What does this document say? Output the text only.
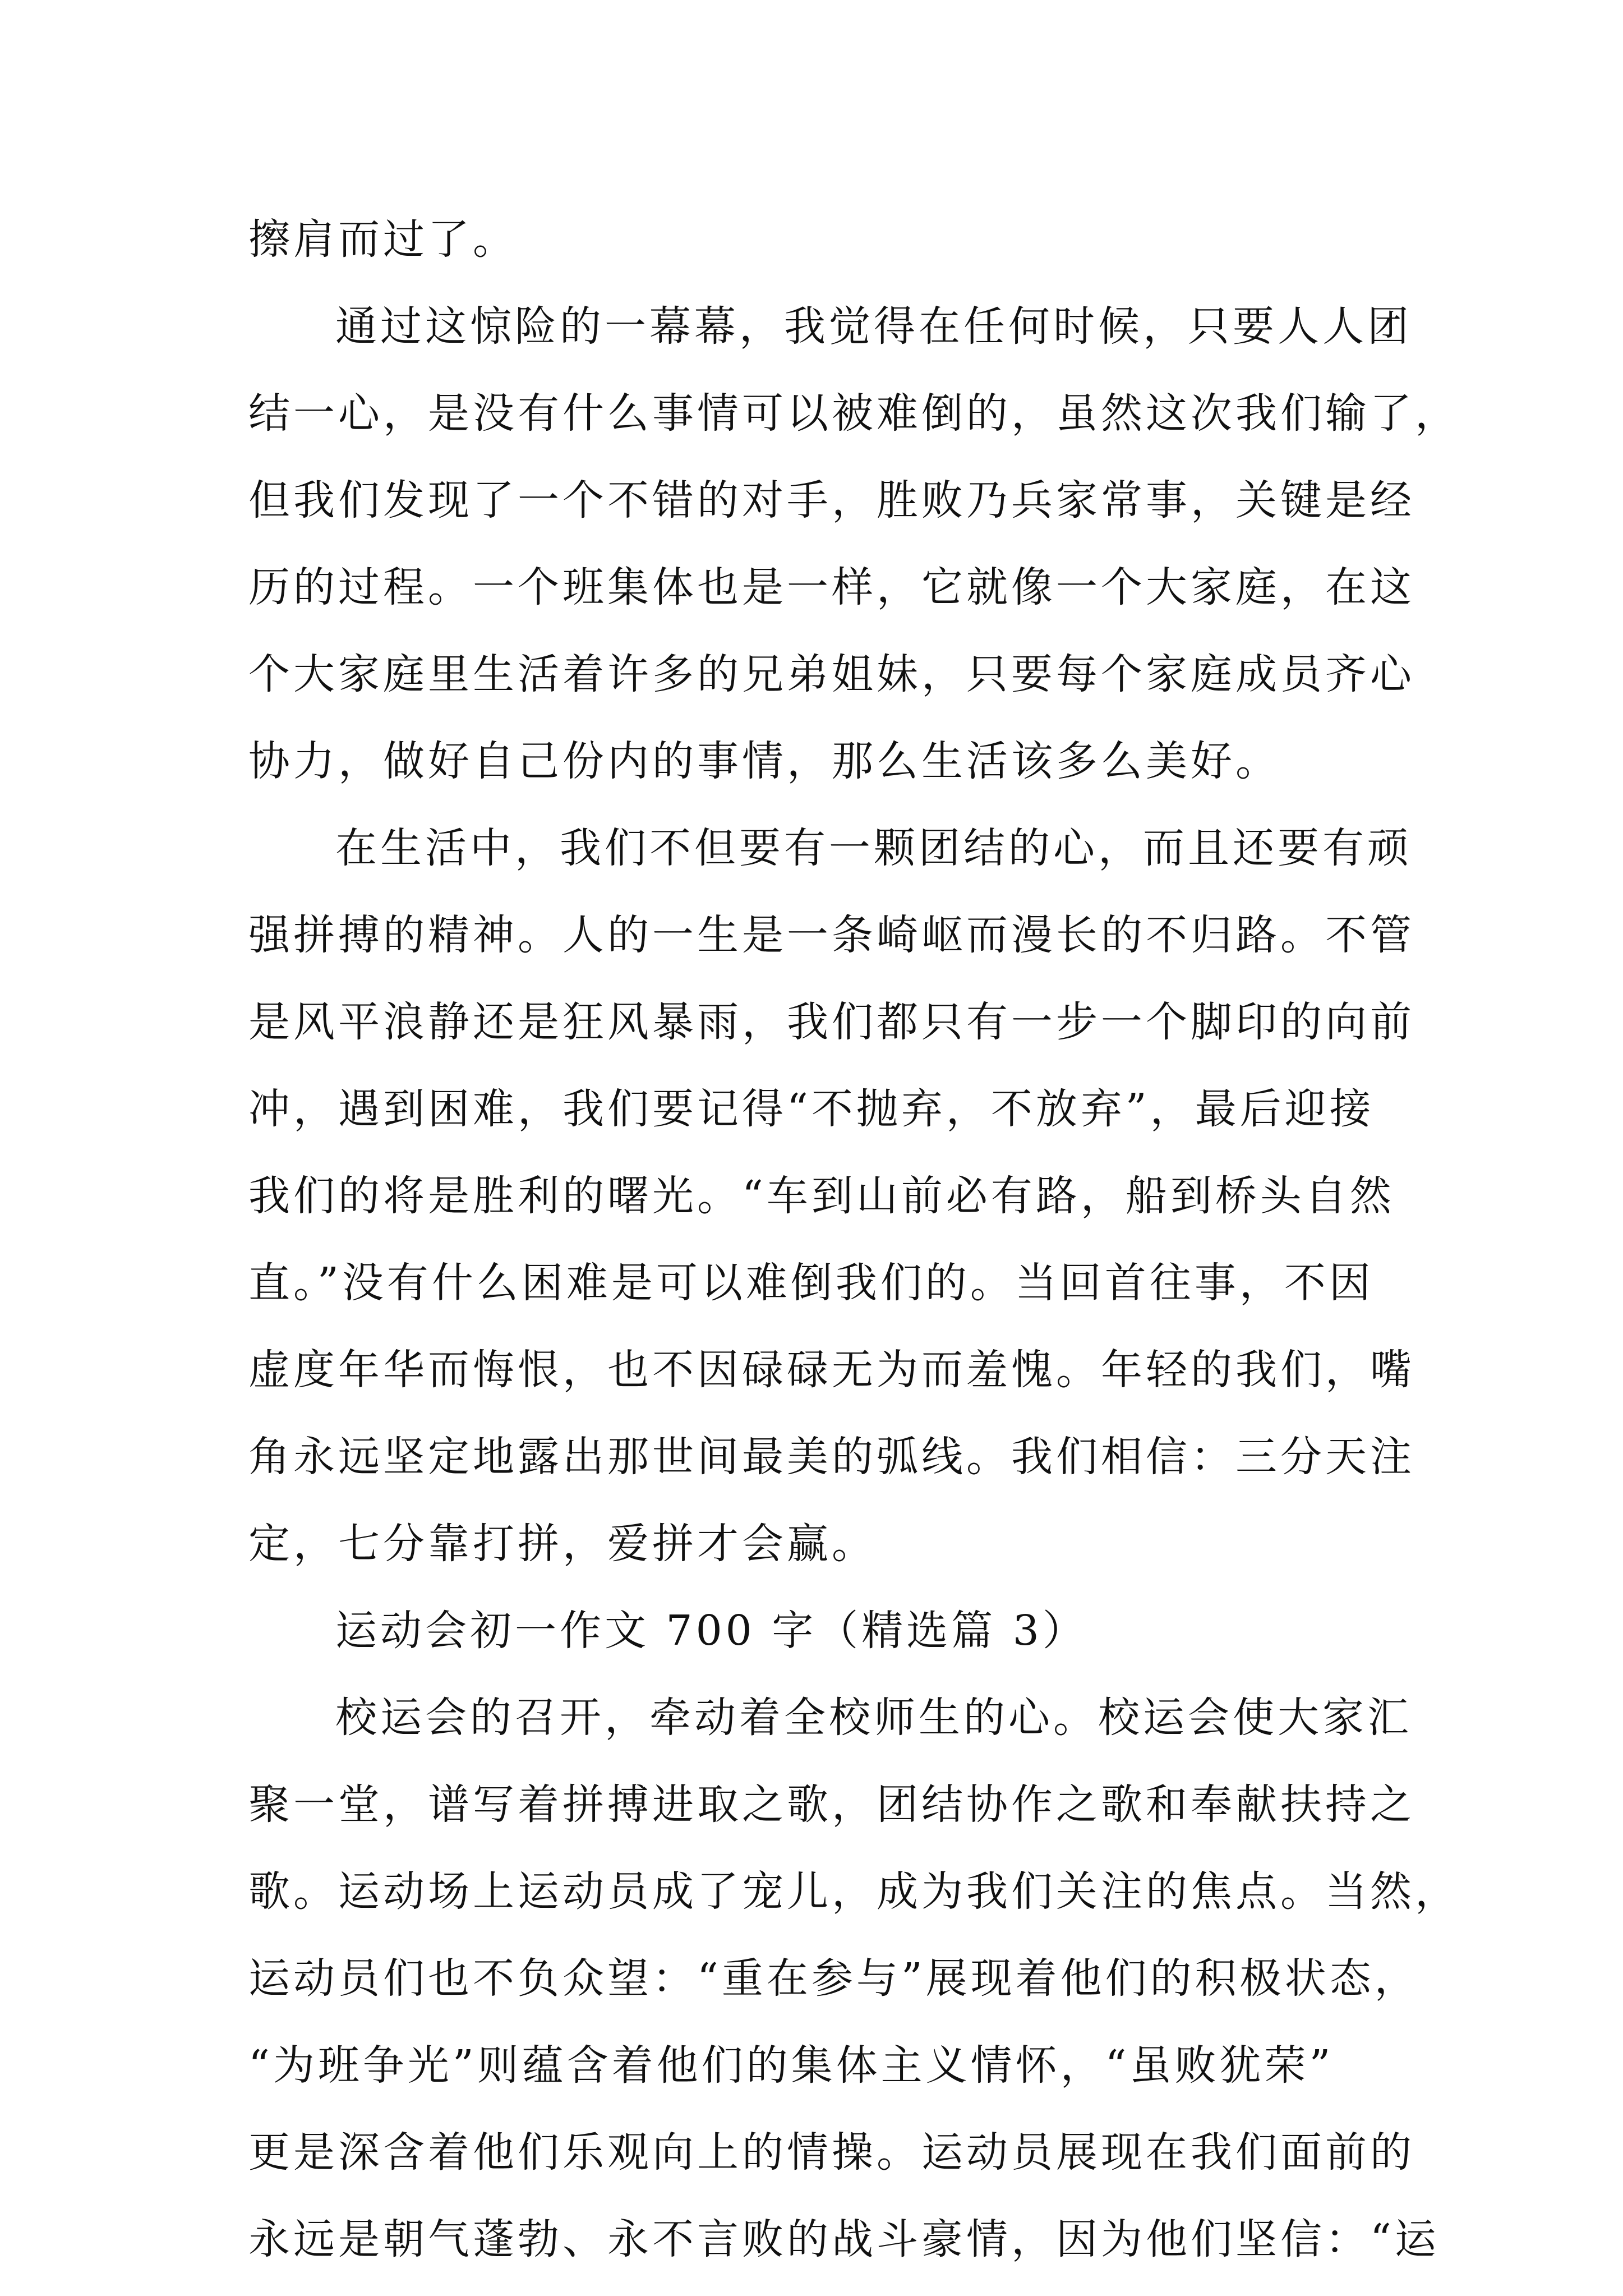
擦肩而过了。
通过这惊险的一幕幕，我觉得在任何时候，只要人人团
结一心，是没有什么事情可以被难倒的，虽然这次我们输了，
但我们发现了一个不错的对手，胜败乃兵家常事，关键是经
历的过程。一个班集体也是一样，它就像一个大家庭，在这
个大家庭里生活着许多的兄弟姐妹，只要每个家庭成员齐心
协力，做好自己份内的事情，那么生活该多么美好。
在生活中，我们不但要有一颗团结的心，而且还要有顽
强拼搏的精神。人的一生是一条崎岖而漫长的不归路。不管
是风平浪静还是狂风暴雨，我们都只有一步一个脚印的向前
冲，遇到困难，我们要记得“不抛弃，不放弃”，最后迎接
我们的将是胜利的曙光。“车到山前必有路，船到桥头自然
直。”没有什么困难是可以难倒我们的。当回首往事，不因
虚度年华而悔恨，也不因碌碌无为而羞愧。年轻的我们，嘴
角永远坚定地露出那世间最美的弧线。我们相信：三分天注
定，七分靠打拼，爱拼才会赢。
运动会初一作文 700 字（精选篇 3）
校运会的召开，牵动着全校师生的心。校运会使大家汇
聚一堂，谱写着拼搏进取之歌，团结协作之歌和奉献扶持之
歌。运动场上运动员成了宠儿，成为我们关注的焦点。当然，
运动员们也不负众望：“重在参与”展现着他们的积极状态，
“为班争光”则蕴含着他们的集体主义情怀，“虽败犹荣”
更是深含着他们乐观向上的情操。运动员展现在我们面前的
永远是朝气蓬勃、永不言败的战斗豪情，因为他们坚信：“运
